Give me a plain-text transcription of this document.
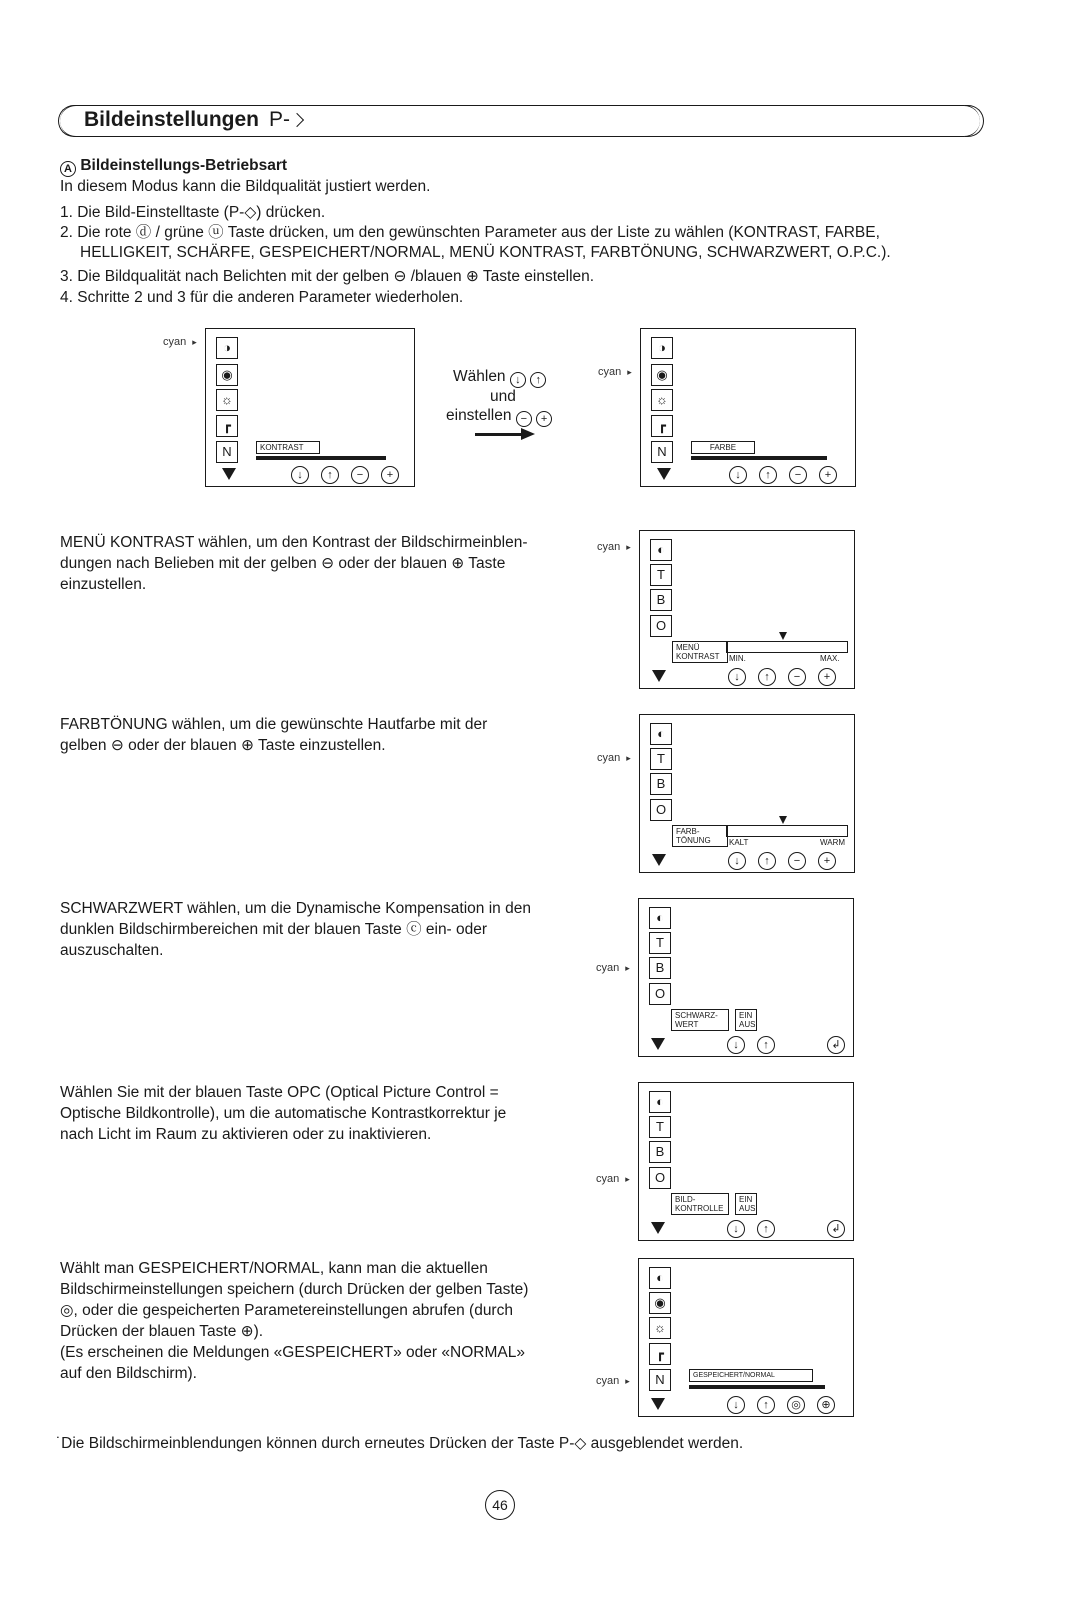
Bildeinstellungen P-
A Bildeinstellungs-Betriebsart
In diesem Modus kann die Bildqualität justiert werden.
1. Die Bild-Einstelltaste (P-◇) drücken.
2. Die rote ⓓ / grüne ⓤ Taste drücken, um den gewünschten Parameter aus der Liste zu wählen (KONTRAST, FARBE,
HELLIGKEIT, SCHÄRFE, GESPEICHERT/NORMAL, MENÜ KONTRAST, FARBTÖNUNG, SCHWARZWERT, O.P.C.).
3. Die Bildqualität nach Belichten mit der gelben ⊖ /blauen ⊕ Taste einstellen.
4. Schritte 2 und 3 für die anderen Parameter wiederholen.
cyan ▸	◑
◉
☼
┏
N	KONTRAST
↓ ↑ − +
Wählen ↓ ↑
und
einstellen − +
cyan ▸
◑
◉
☼
┏
N	FARBE
↓ ↑ − +
MENÜ KONTRAST wählen, um den Kontrast der Bildschirmeinblen-
dungen nach Belieben mit der gelben ⊖ oder der blauen ⊕ Taste
einzustellen.
cyan ▸	◐
T
B
O
MENÜ
KONTRAST	MIN.	MAX.
↓ ↑ − +
FARBTÖNUNG wählen, um die gewünschte Hautfarbe mit der
gelben ⊖ oder der blauen ⊕ Taste einzustellen.
cyan ▸
◐
T
B
O
FARB-
TÖNUNG	KALT	WARM
↓ ↑ − +
SCHWARZWERT wählen, um die Dynamische Kompensation in den
dunklen Bildschirmbereichen mit der blauen Taste ⓒ ein- oder
auszuschalten.
cyan ▸
◐
T
B
O
SCHWARZ-
WERT
EIN
AUS
↓ ↑	↲
Wählen Sie mit der blauen Taste OPC (Optical Picture Control =
Optische Bildkontrolle), um die automatische Kontrastkorrektur je
nach Licht im Raum zu aktivieren oder zu inaktivieren.
cyan ▸
◐
T
B
O
BILD-
KONTROLLE
EIN
AUS
↓ ↑	↲
Wählt man GESPEICHERT/NORMAL, kann man die aktuellen
Bildschirmeinstellungen speichern (durch Drücken der gelben Taste)
◎, oder die gespeicherten Parametereinstellungen abrufen (durch
Drücken der blauen Taste ⊕).
(Es erscheinen die Meldungen «GESPEICHERT» oder «NORMAL»
auf den Bildschirm).	cyan ▸
◐
◉
☼
┏
N	GESPEICHERT/NORMAL
↓ ↑ ◎ ⊕
˙Die Bildschirmeinblendungen können durch erneutes Drücken der Taste P-◇ ausgeblendet werden.
46
